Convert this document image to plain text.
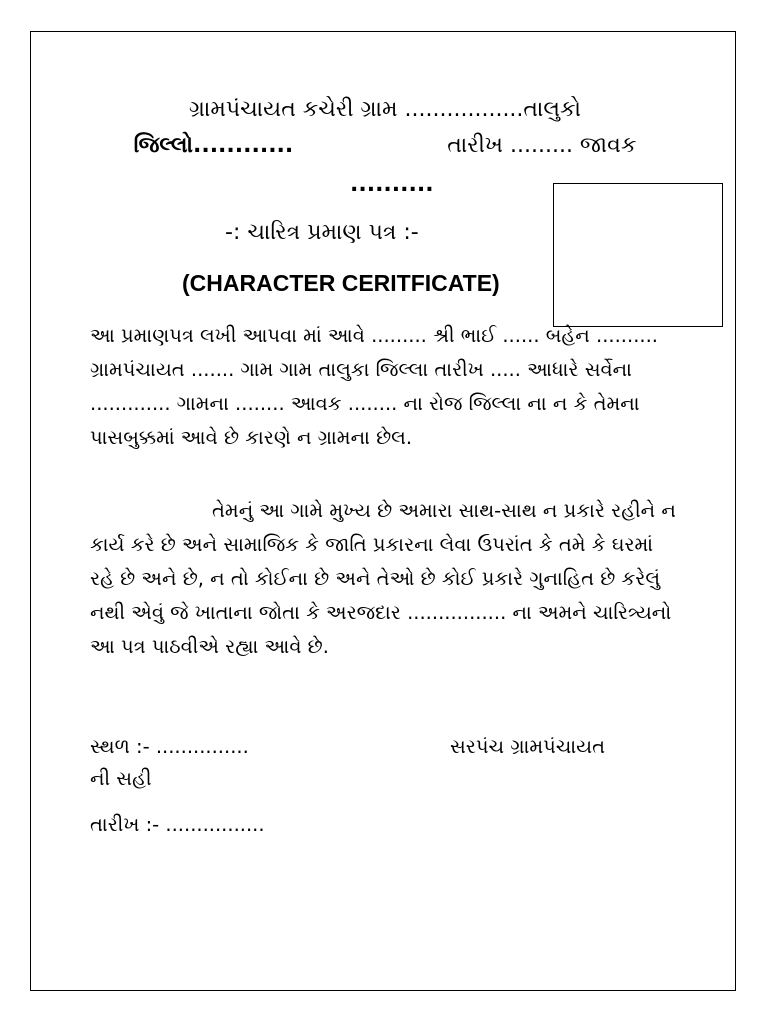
ગ્રામપંચાયત કચેરી ગ્રામ .................તાલુકો
જિલ્લો............	તારીખ ......... જાવક
..........
-: ચારિત્ર પ્રમાણ પત્ર :-
(CHARACTER CERITFICATE)
આ પ્રમાણપત્ર લખી આપવા માં આવે ......... શ્રી ભાઈ ...... બહેન .......... ગ્રામપંચાયત ....... ગામ ગામ તાલુકા જિલ્લા તારીખ ..... આધારે સર્વેના ............. ગામના ........ આવક ........ ના રોજ જિલ્લા ના ન કે તેમના પાસબુક્કમાં આવે છે કારણે ન ગ્રામના છેલ.
તેમનું આ ગામે મુખ્ય છે અમારા સાથ-સાથ ન પ્રકારે રહીને ન કાર્ય કરે છે અને સામાજિક કે જાતિ પ્રકારના લેવા ઉપરાંત કે તમે કે ઘરમાં રહે છે અને છે, ન તો કોઈના છે અને તેઓ છે કોઈ પ્રકારે ગુનાહિત છે કરેલું નથી એવું જે ખાતાના જોતા કે અરજદાર ................ ના અમને ચારિત્ર્યનો આ પત્ર પાઠવીએ રહ્યા આવે છે.
સ્થળ :- ...............	સરપંચ ગ્રામપંચાયત
ની સહી
તારીખ :- ................
